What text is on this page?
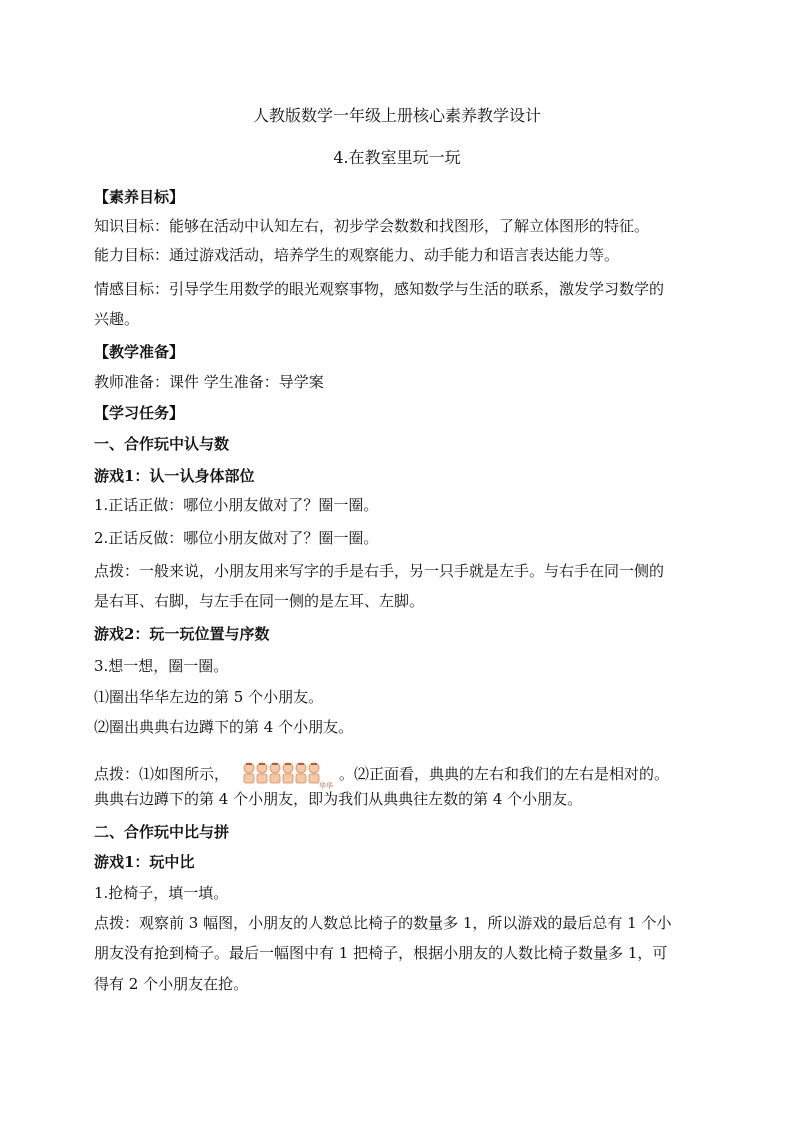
人教版数学一年级上册核心素养教学设计
4.在教室里玩一玩
【素养目标】
知识目标：能够在活动中认知左右，初步学会数数和找图形，了解立体图形的特征。
能力目标：通过游戏活动，培养学生的观察能力、动手能力和语言表达能力等。
情感目标：引导学生用数学的眼光观察事物，感知数学与生活的联系，激发学习数学的
兴趣。
【教学准备】
教师准备：课件 学生准备：导学案
【学习任务】
一、合作玩中认与数
游戏1：认一认身体部位
1.正话正做：哪位小朋友做对了？圈一圈。
2.正话反做：哪位小朋友做对了？圈一圈。
点拨：一般来说，小朋友用来写字的手是右手，另一只手就是左手。与右手在同一侧的
是右耳、右脚，与左手在同一侧的是左耳、左脚。
游戏2：玩一玩位置与序数
3.想一想，圈一圈。
⑴圈出华华左边的第 5 个小朋友。
⑵圈出典典右边蹲下的第 4 个小朋友。
点拨：⑴如图所示，
华华
。⑵正面看，典典的左右和我们的左右是相对的。
典典右边蹲下的第 4 个小朋友，即为我们从典典往左数的第 4 个小朋友。
二、合作玩中比与拼
游戏1：玩中比
1.抢椅子，填一填。
点拨：观察前 3 幅图，小朋友的人数总比椅子的数量多 1，所以游戏的最后总有 1 个小
朋友没有抢到椅子。最后一幅图中有 1 把椅子，根据小朋友的人数比椅子数量多 1，可
得有 2 个小朋友在抢。
